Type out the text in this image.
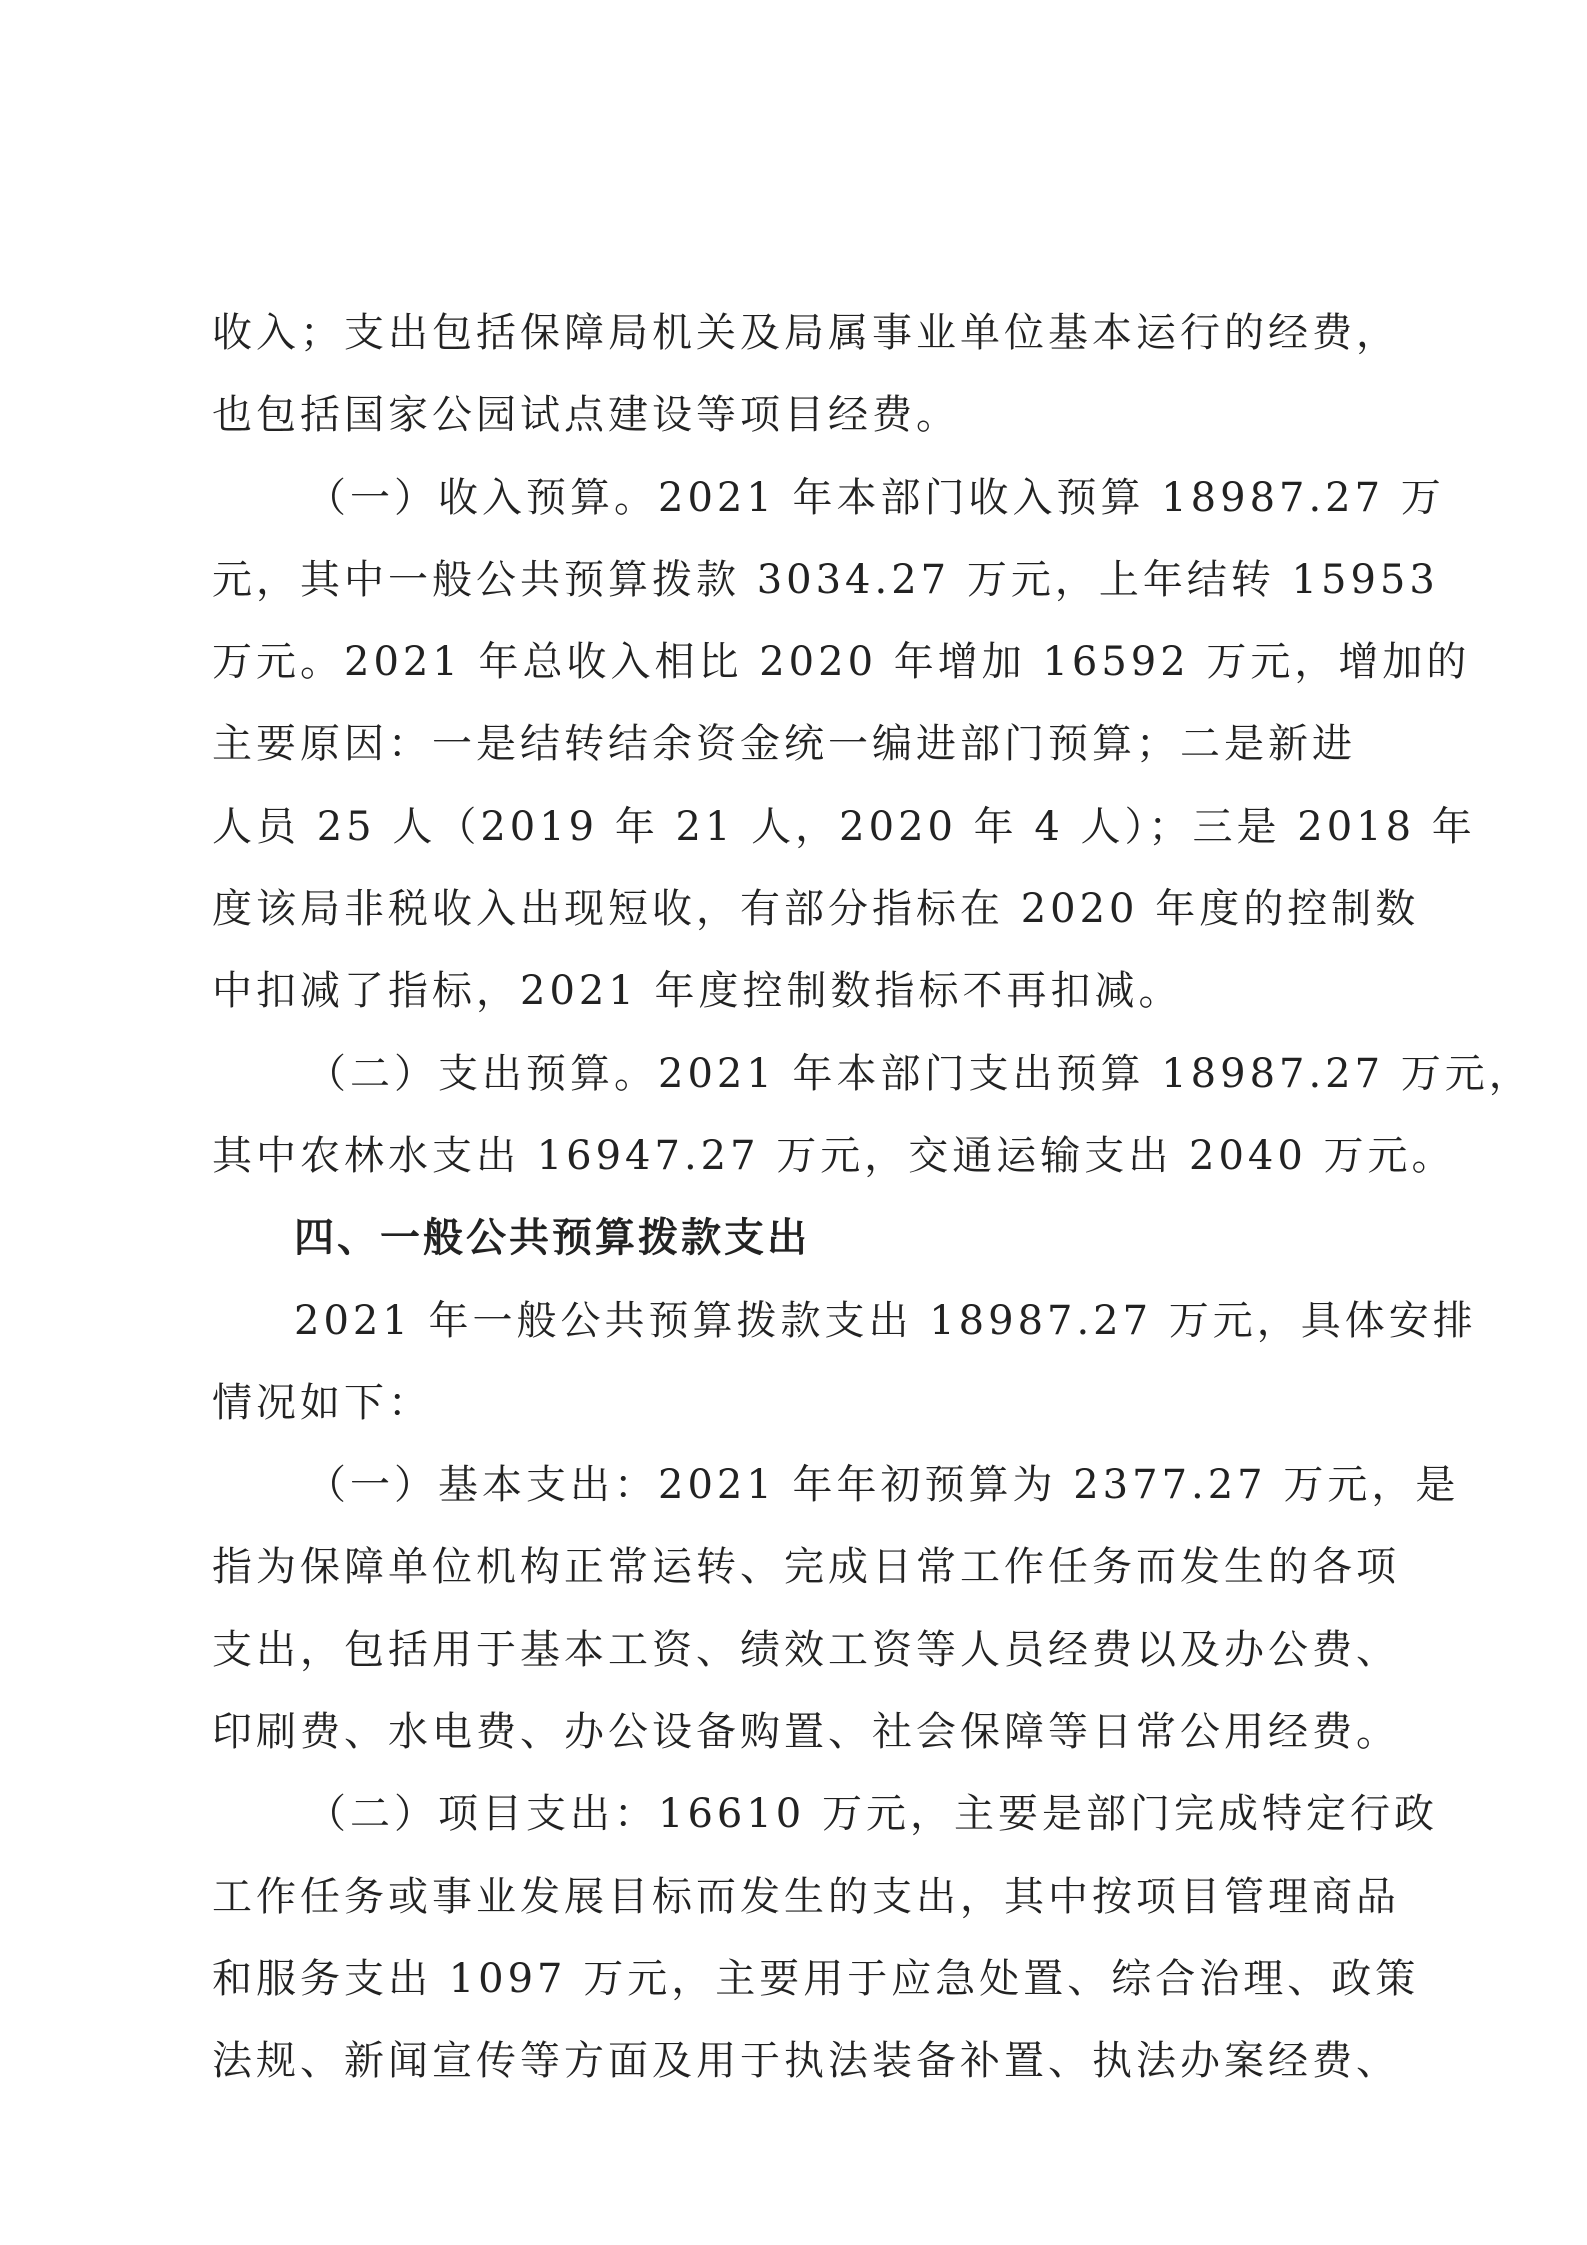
收入；支出包括保障局机关及局属事业单位基本运行的经费，
也包括国家公园试点建设等项目经费。
（一）收入预算。2021 年本部门收入预算 18987.27 万
元，其中一般公共预算拨款 3034.27 万元，上年结转 15953
万元。2021 年总收入相比 2020 年增加 16592 万元，增加的
主要原因：一是结转结余资金统一编进部门预算；二是新进
人员 25 人（2019 年 21 人，2020 年 4 人）；三是 2018 年
度该局非税收入出现短收，有部分指标在 2020 年度的控制数
中扣减了指标，2021 年度控制数指标不再扣减。
（二）支出预算。2021 年本部门支出预算 18987.27 万元，
其中农林水支出 16947.27 万元，交通运输支出 2040 万元。
四、一般公共预算拨款支出
2021 年一般公共预算拨款支出 18987.27 万元，具体安排
情况如下：
（一）基本支出：2021 年年初预算为 2377.27 万元，是
指为保障单位机构正常运转、完成日常工作任务而发生的各项
支出，包括用于基本工资、绩效工资等人员经费以及办公费、
印刷费、水电费、办公设备购置、社会保障等日常公用经费。
（二）项目支出：16610 万元，主要是部门完成特定行政
工作任务或事业发展目标而发生的支出，其中按项目管理商品
和服务支出 1097 万元，主要用于应急处置、综合治理、政策
法规、新闻宣传等方面及用于执法装备补置、执法办案经费、
